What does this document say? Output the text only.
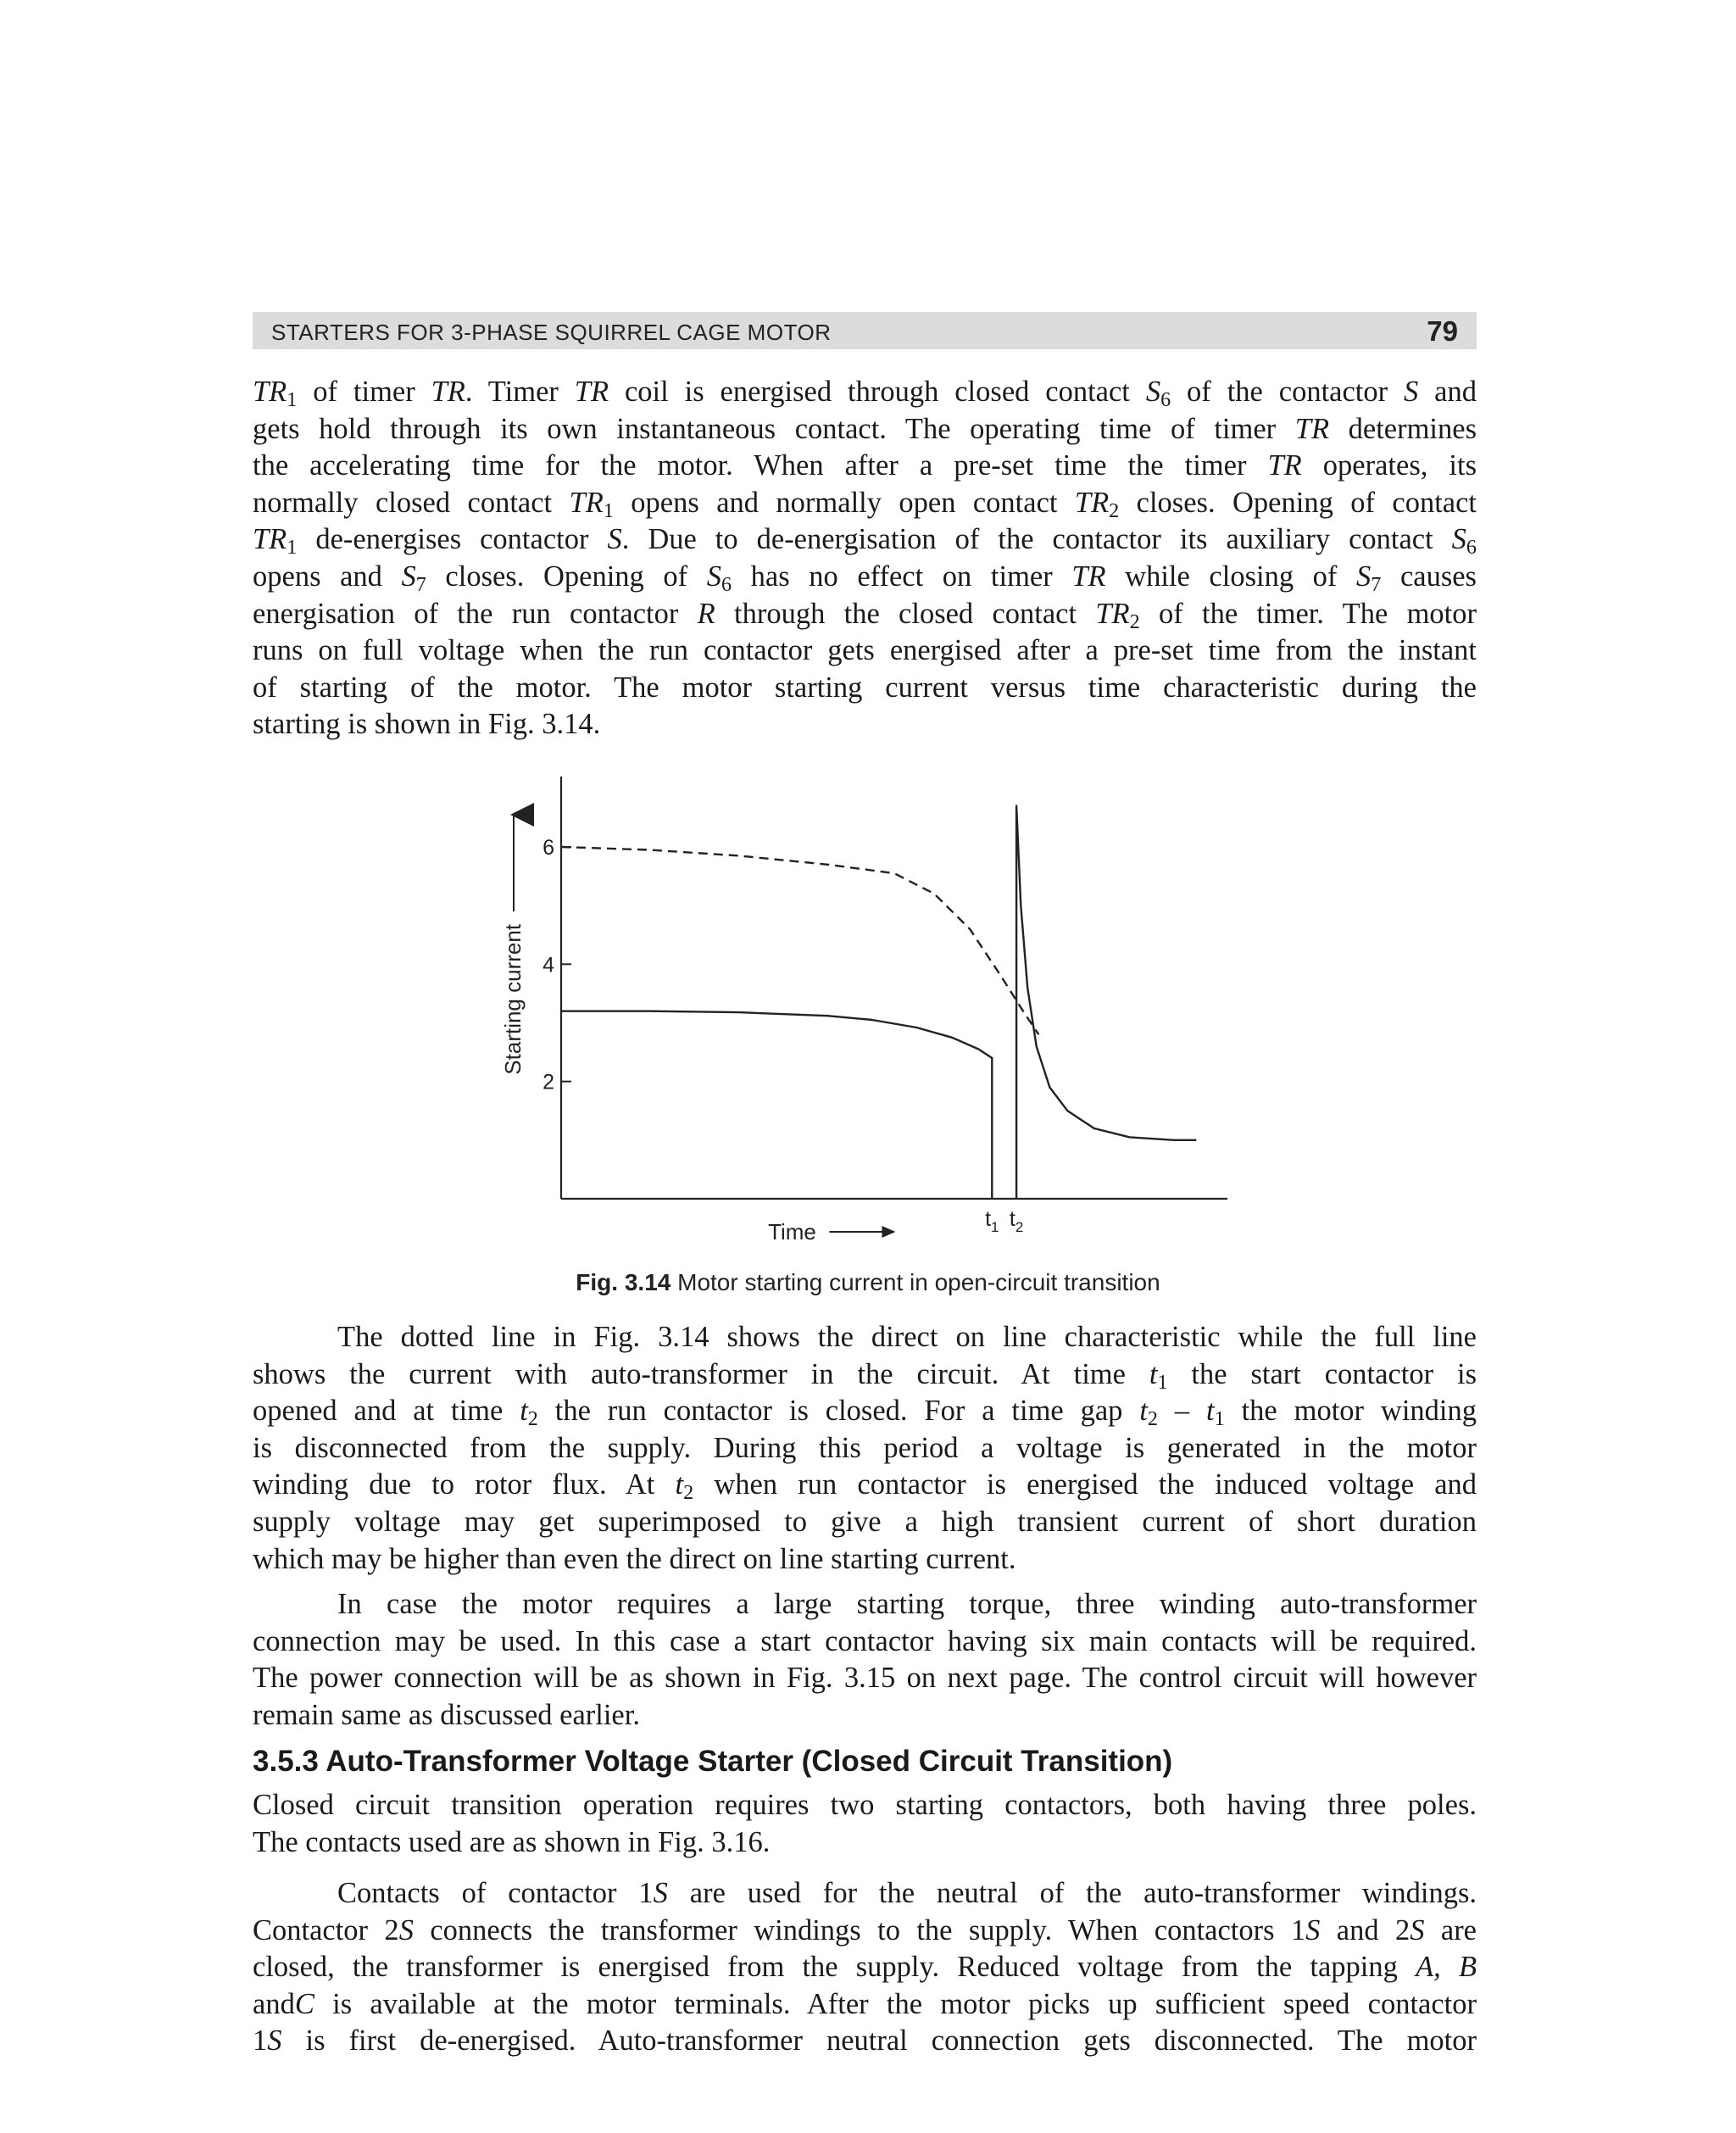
STARTERS FOR 3-PHASE SQUIRREL CAGE MOTOR	79

$TR_1$ of timer TR. Timer TR coil is energised through closed contact $S_6$ of the contactor S and
gets hold through its own instantaneous contact. The operating time of timer TR determines
the accelerating time for the motor. When after a pre-set time the timer TR operates, its
normally closed contact $TR_1$ opens and normally open contact $TR_2$ closes. Opening of contact
$TR_1$ de-energises contactor S. Due to de-energisation of the contactor its auxiliary contact $S_6$
opens and $S_7$ closes. Opening of $S_6$ has no effect on timer TR while closing of $S_7$ causes
energisation of the run contactor R through the closed contact $TR_2$ of the timer. The motor
runs on full voltage when the run contactor gets energised after a pre-set time from the instant
of starting of the motor. The motor starting current versus time characteristic during the
starting is shown in Fig. 3.14.

2
4
6
Starting current
Time	$t_1$ $t_2$
Fig. 3.14 Motor starting current in open-circuit transition

The dotted line in Fig. 3.14 shows the direct on line characteristic while the full line
shows the current with auto-transformer in the circuit. At time $t_1$ the start contactor is
opened and at time $t_2$ the run contactor is closed. For a time gap $t_2 - t_1$ the motor winding
is disconnected from the supply. During this period a voltage is generated in the motor
winding due to rotor flux. At $t_2$ when run contactor is energised the induced voltage and
supply voltage may get superimposed to give a high transient current of short duration
which may be higher than even the direct on line starting current.

In case the motor requires a large starting torque, three winding auto-transformer
connection may be used. In this case a start contactor having six main contacts will be required.
The power connection will be as shown in Fig. 3.15 on next page. The control circuit will however
remain same as discussed earlier.

3.5.3 Auto-Transformer Voltage Starter (Closed Circuit Transition)

Closed circuit transition operation requires two starting contactors, both having three poles.
The contacts used are as shown in Fig. 3.16.

Contacts of contactor 1S are used for the neutral of the auto-transformer windings.
Contactor 2S connects the transformer windings to the supply. When contactors 1S and 2S are
closed, the transformer is energised from the supply. Reduced voltage from the tapping A, B
andC is available at the motor terminals. After the motor picks up sufficient speed contactor
1S is first de-energised. Auto-transformer neutral connection gets disconnected. The motor
